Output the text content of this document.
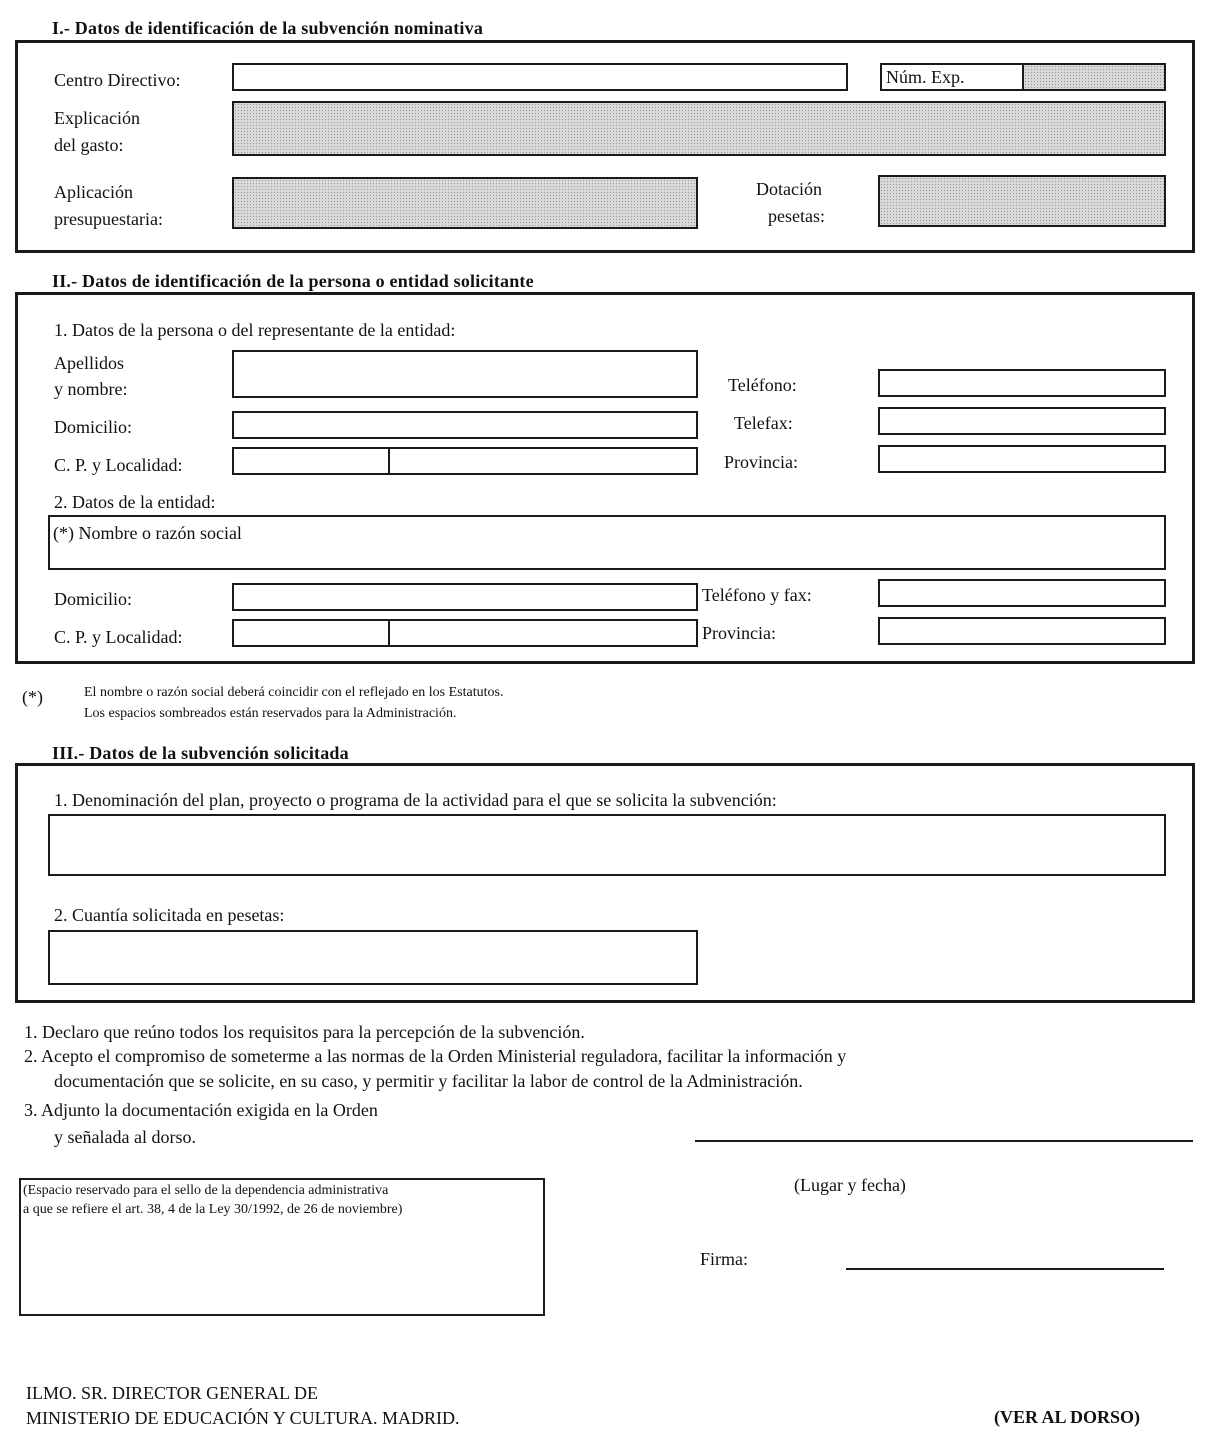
I.- Datos de identificación de la subvención nominativa
Centro Directivo:	Núm. Exp.
Explicación
del gasto:
Aplicación
presupuestaria:
Dotación
pesetas:
II.- Datos de identificación de la persona o entidad solicitante
1. Datos de la persona o del representante de la entidad:
Apellidos
y nombre:	Teléfono:
Domicilio:	Telefax:
C. P. y Localidad:	Provincia:
2. Datos de la entidad:
(*) Nombre o razón social
Domicilio:	Teléfono y fax:
C. P. y Localidad:	Provincia:
(*)	El nombre o razón social deberá coincidir con el reflejado en los Estatutos.
Los espacios sombreados están reservados para la Administración.
III.- Datos de la subvención solicitada
1. Denominación del plan, proyecto o programa de la actividad para el que se solicita la subvención:
2. Cuantía solicitada en pesetas:
1. Declaro que reúno todos los requisitos para la percepción de la subvención.
2. Acepto el compromiso de someterme a las normas de la Orden Ministerial reguladora, facilitar la información y
documentación que se solicite, en su caso, y permitir y facilitar la labor de control de la Administración.
3. Adjunto la documentación exigida en la Orden
y señalada al dorso.
(Lugar y fecha)
(Espacio reservado para el sello de la dependencia administrativa
a que se refiere el art. 38, 4 de la Ley 30/1992, de 26 de noviembre)
Firma:
ILMO. SR. DIRECTOR GENERAL DE
MINISTERIO DE EDUCACIÓN Y CULTURA. MADRID.	(VER AL DORSO)
